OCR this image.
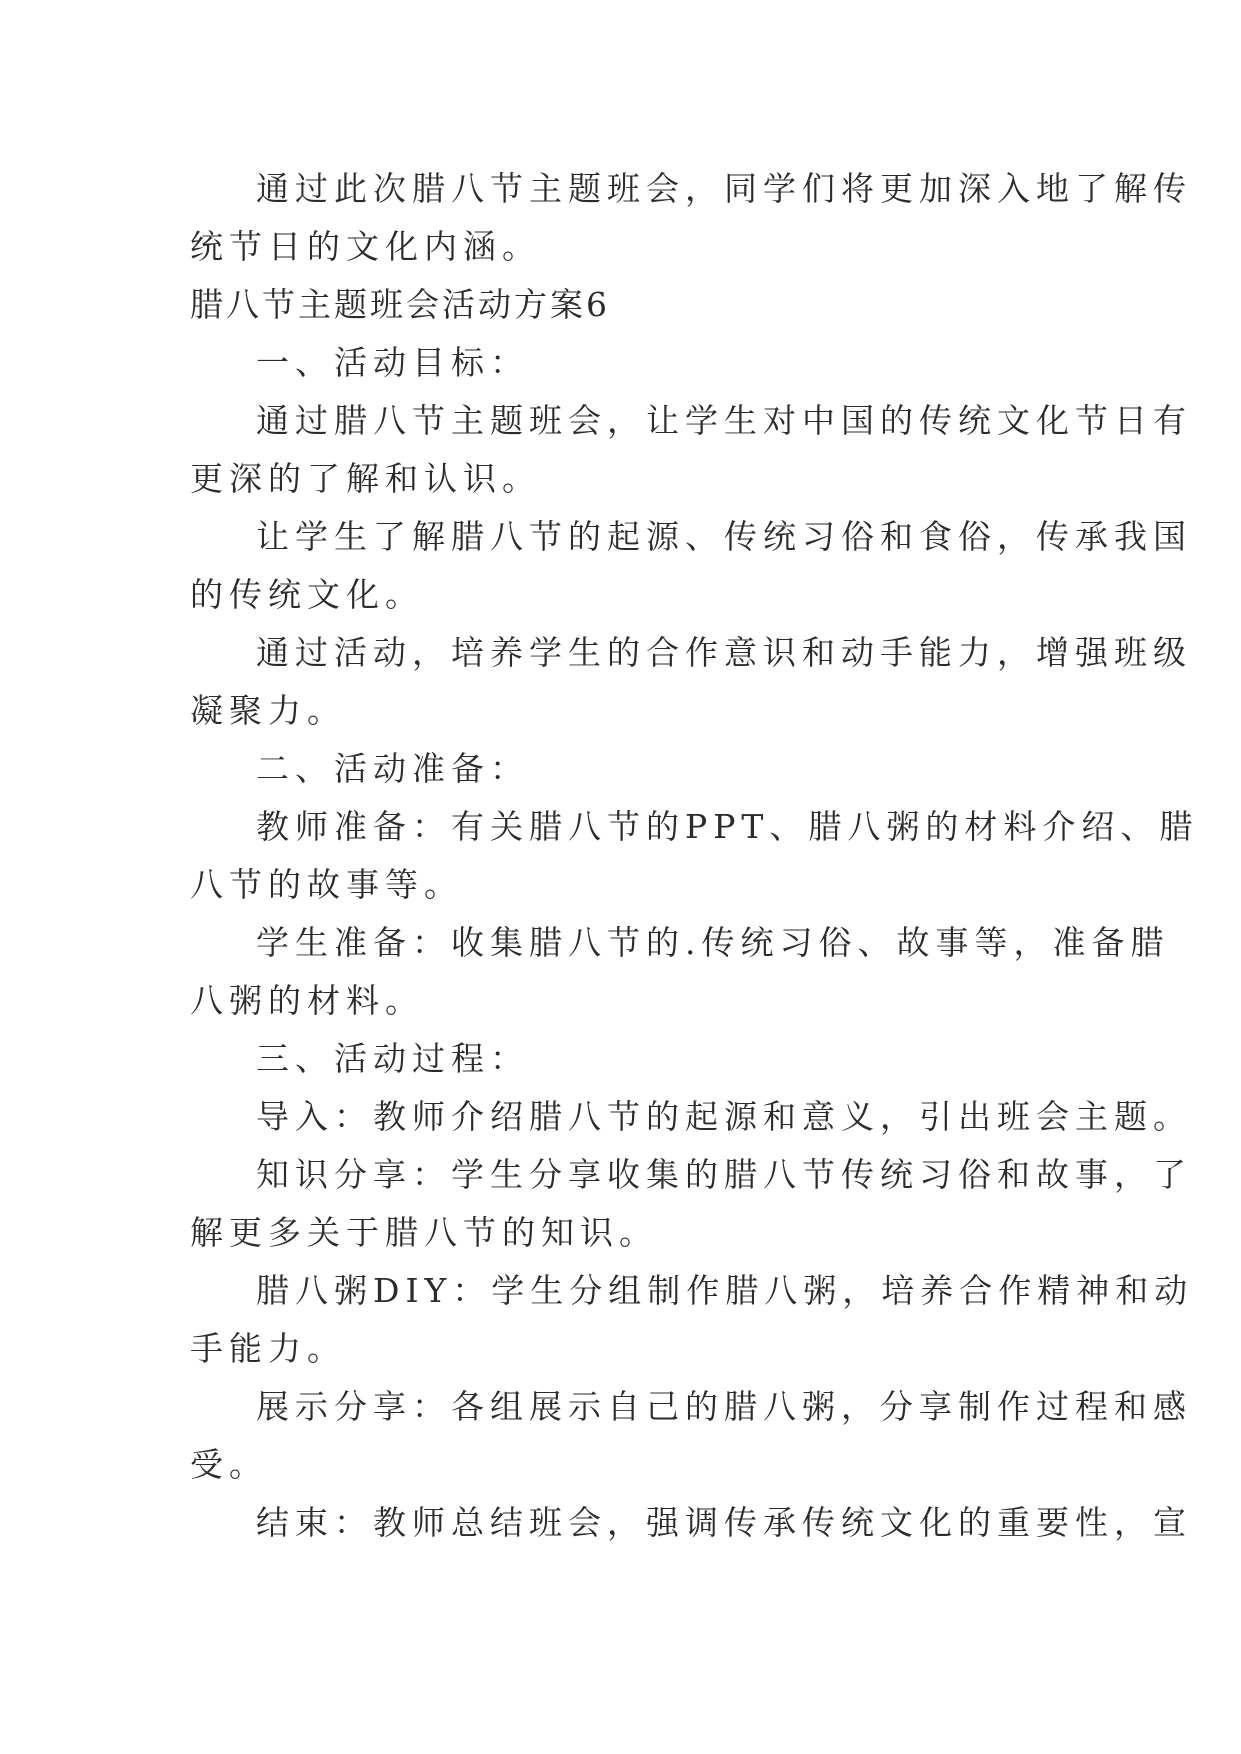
通过此次腊八节主题班会，同学们将更加深入地了解传
统节日的文化内涵。

腊八节主题班会活动方案6

一、活动目标：

通过腊八节主题班会，让学生对中国的传统文化节日有
更深的了解和认识。

让学生了解腊八节的起源、传统习俗和食俗，传承我国
的传统文化。

通过活动，培养学生的合作意识和动手能力，增强班级
凝聚力。

二、活动准备：

教师准备：有关腊八节的PPT、腊八粥的材料介绍、腊
八节的故事等。

学生准备：收集腊八节的.传统习俗、故事等，准备腊
八粥的材料。

三、活动过程：

导入：教师介绍腊八节的起源和意义，引出班会主题。

知识分享：学生分享收集的腊八节传统习俗和故事，了
解更多关于腊八节的知识。

腊八粥DIY：学生分组制作腊八粥，培养合作精神和动
手能力。

展示分享：各组展示自己的腊八粥，分享制作过程和感
受。

结束：教师总结班会，强调传承传统文化的重要性，宣
